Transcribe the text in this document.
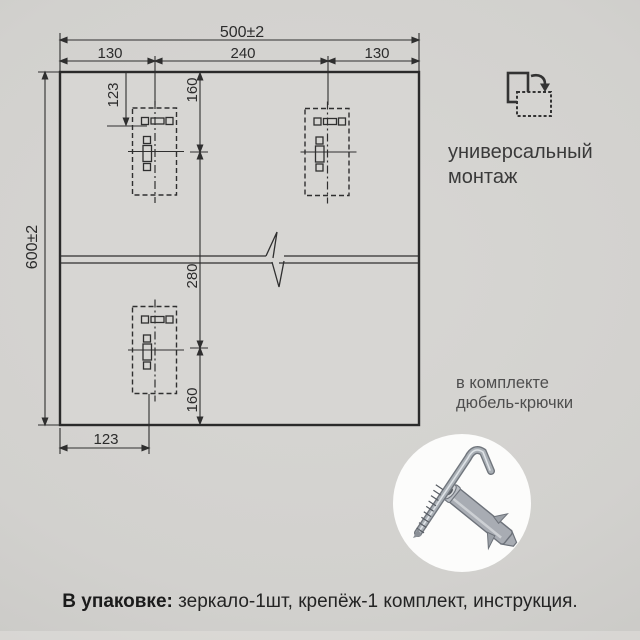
500±2
130	240	130
600±2
123	160
280
160
123
универсальный
монтаж
в комплекте
дюбель-крючки
В упаковке: зеркало-1шт, крепёж-1 комплект, инструкция.
